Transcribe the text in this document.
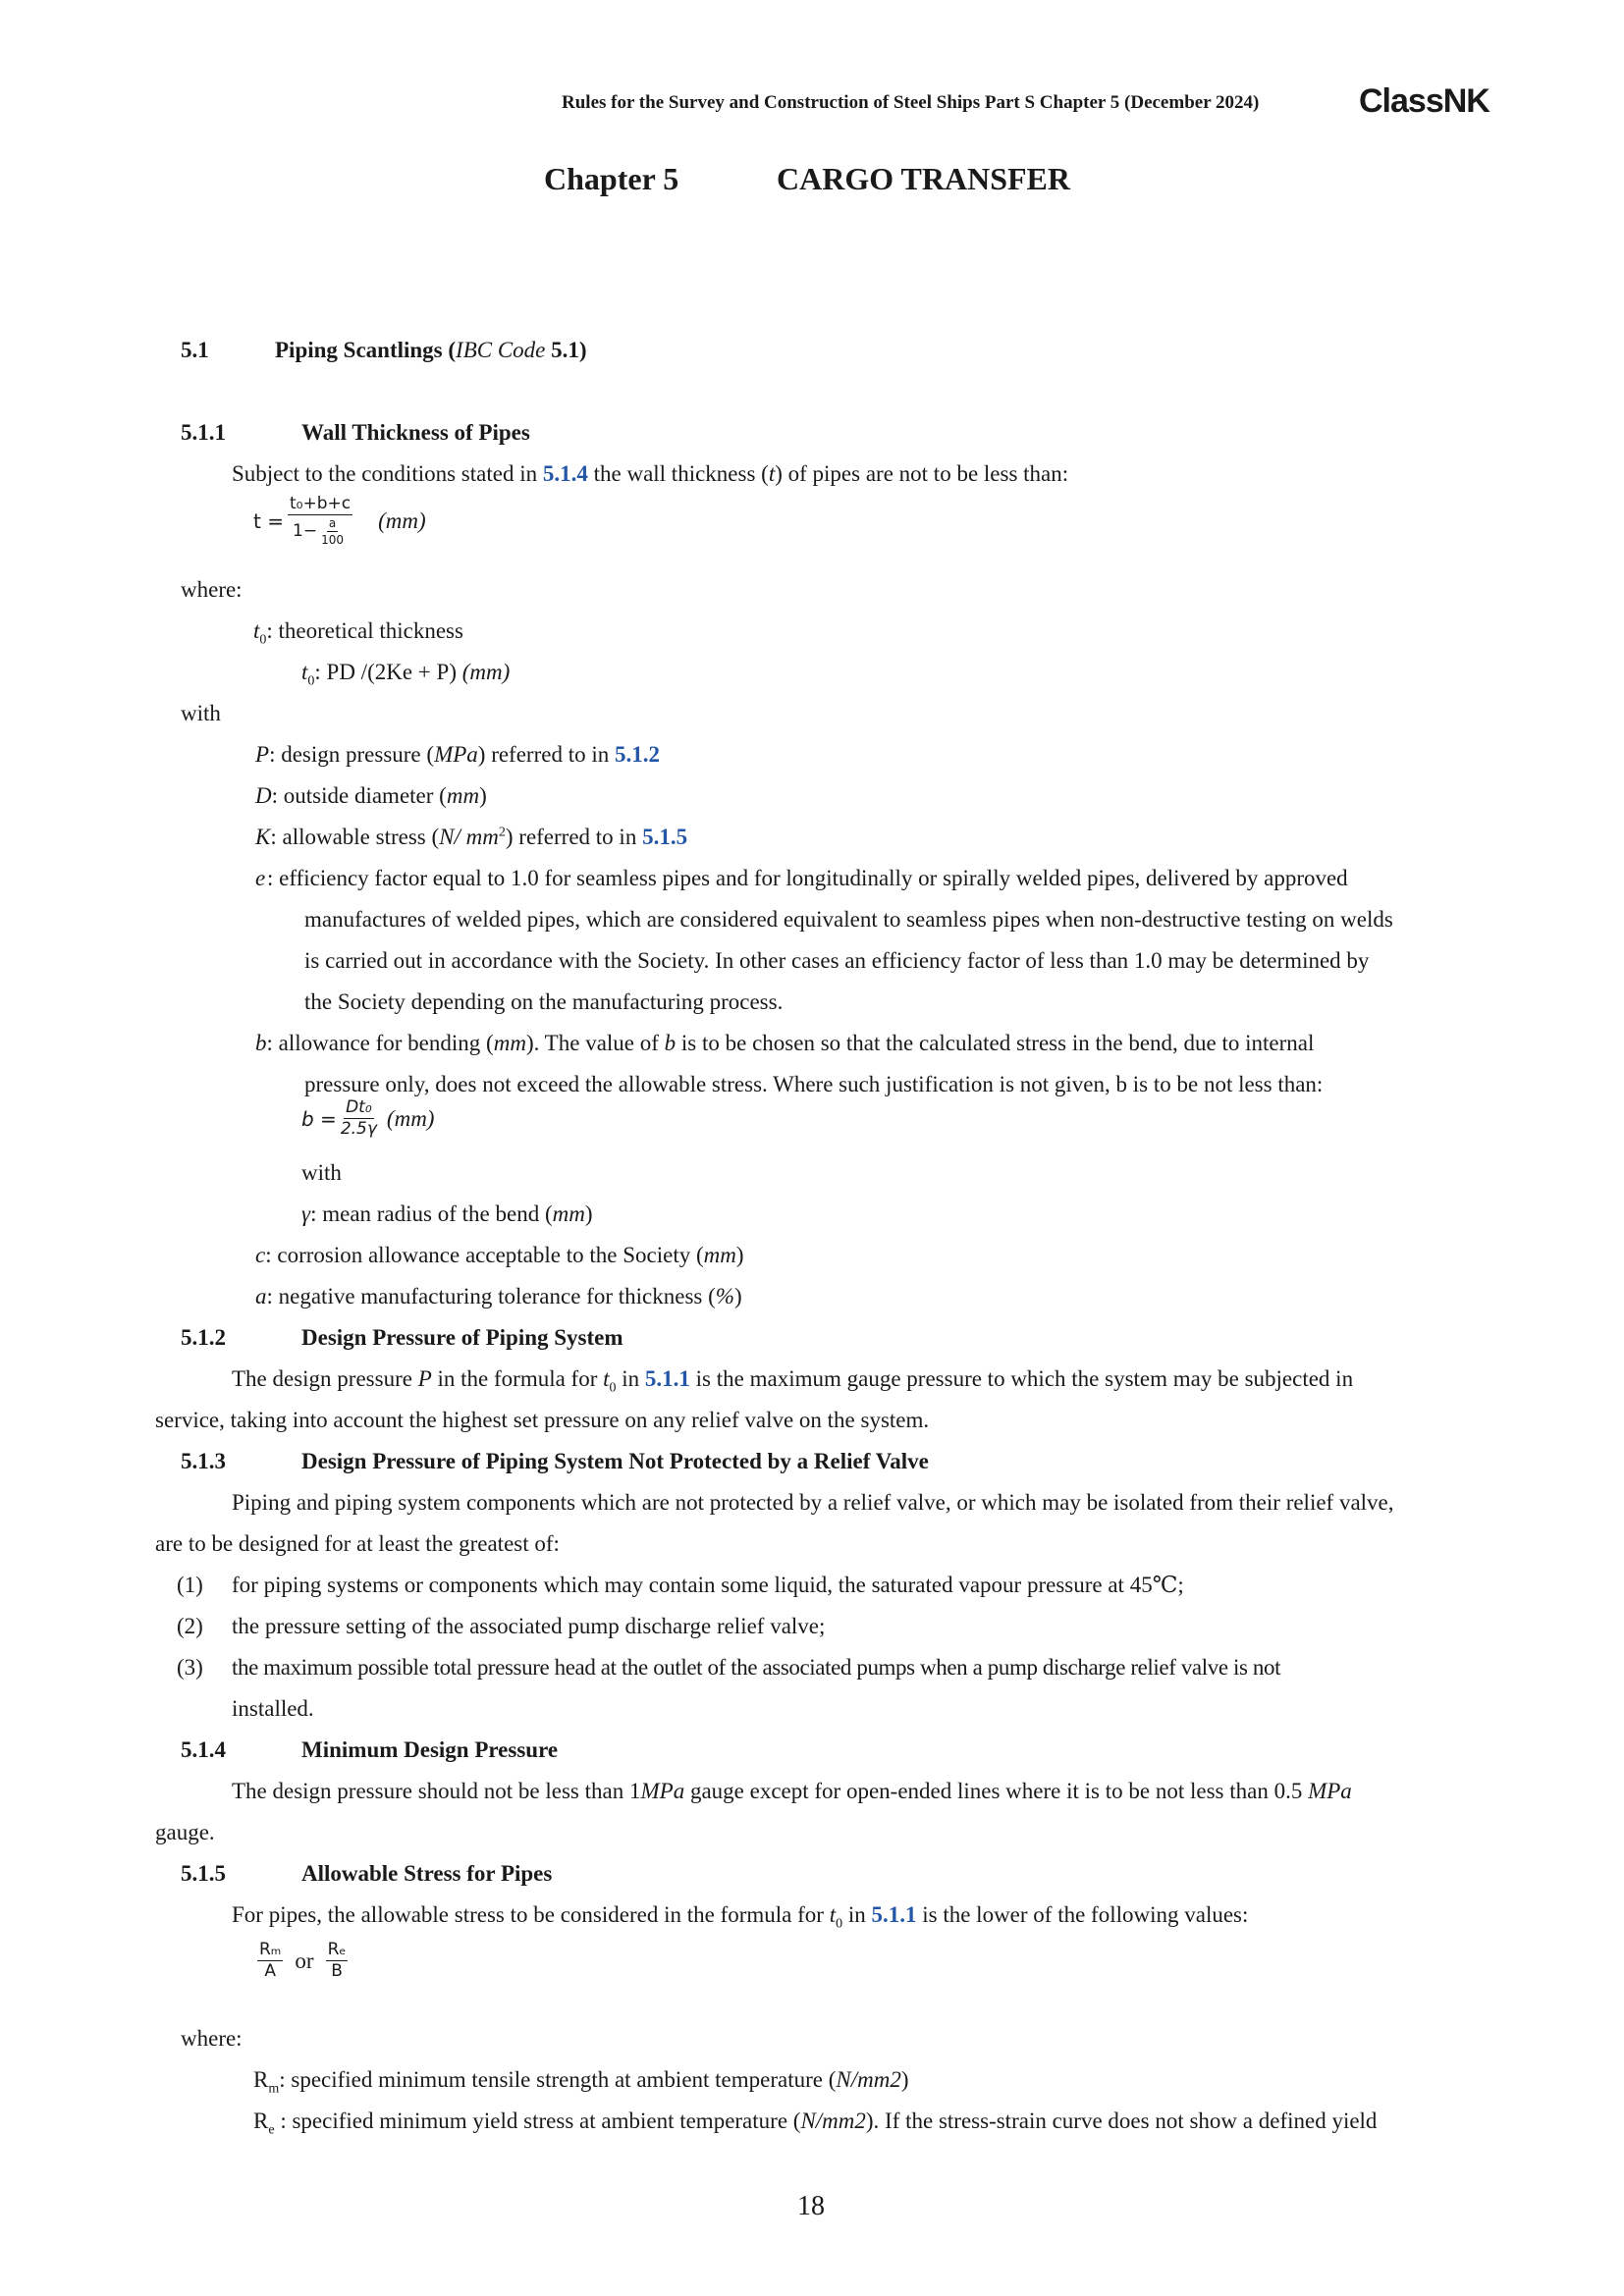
Rules for the Survey and Construction of Steel Ships Part S Chapter 5 (December 2024)	ClassNK
Chapter 5	CARGO TRANSFER
5.1	Piping Scantlings (IBC Code 5.1)
5.1.1	Wall Thickness of Pipes
Subject to the conditions stated in 5.1.4 the wall thickness (t) of pipes are not to be less than:
$t = \frac{\text{t₀+b+c}}{1- \frac{a}{100}} (mm)$
where:
$t_0$: theoretical thickness
$t_0$: PD /(2Ke + P) (mm)
with
P: design pressure (MPa) referred to in 5.1.2
D: outside diameter (mm)
K: allowable stress (N/ $mm^2$) referred to in 5.1.5
e : efficiency factor equal to 1.0 for seamless pipes and for longitudinally or spirally welded pipes, delivered by approved
manufactures of welded pipes, which are considered equivalent to seamless pipes when non-destructive testing on welds
is carried out in accordance with the Society. In other cases an efficiency factor of less than 1.0 may be determined by
the Society depending on the manufacturing process.
b: allowance for bending (mm). The value of b is to be chosen so that the calculated stress in the bend, due to internal
pressure only, does not exceed the allowable stress. Where such justification is not given, b is to be not less than:
$b = \frac{\text{Dt₀}}{2.5\gamma} (mm)$
with
γ: mean radius of the bend (mm)
c: corrosion allowance acceptable to the Society (mm)
a: negative manufacturing tolerance for thickness (%)
5.1.2	Design Pressure of Piping System
The design pressure P in the formula for $t_0$ in 5.1.1 is the maximum gauge pressure to which the system may be subjected in
service, taking into account the highest set pressure on any relief valve on the system.
5.1.3	Design Pressure of Piping System Not Protected by a Relief Valve
Piping and piping system components which are not protected by a relief valve, or which may be isolated from their relief valve,
are to be designed for at least the greatest of:
(1) for piping systems or components which may contain some liquid, the saturated vapour pressure at 45℃;
(2) the pressure setting of the associated pump discharge relief valve;
(3) the maximum possible total pressure head at the outlet of the associated pumps when a pump discharge relief valve is not
installed.
5.1.4	Minimum Design Pressure
The design pressure should not be less than 1MPa gauge except for open-ended lines where it is to be not less than 0.5 MPa
gauge.
5.1.5	Allowable Stress for Pipes
For pipes, the allowable stress to be considered in the formula for $t_0$ in 5.1.1 is the lower of the following values:
$\frac{\text{Rₘ}}{A}$ or $\frac{\text{Rₑ}}{B}$
where:
$R_m$: specified minimum tensile strength at ambient temperature (N/mm2)
$R_e$ : specified minimum yield stress at ambient temperature (N/mm2). If the stress-strain curve does not show a defined yield
18
